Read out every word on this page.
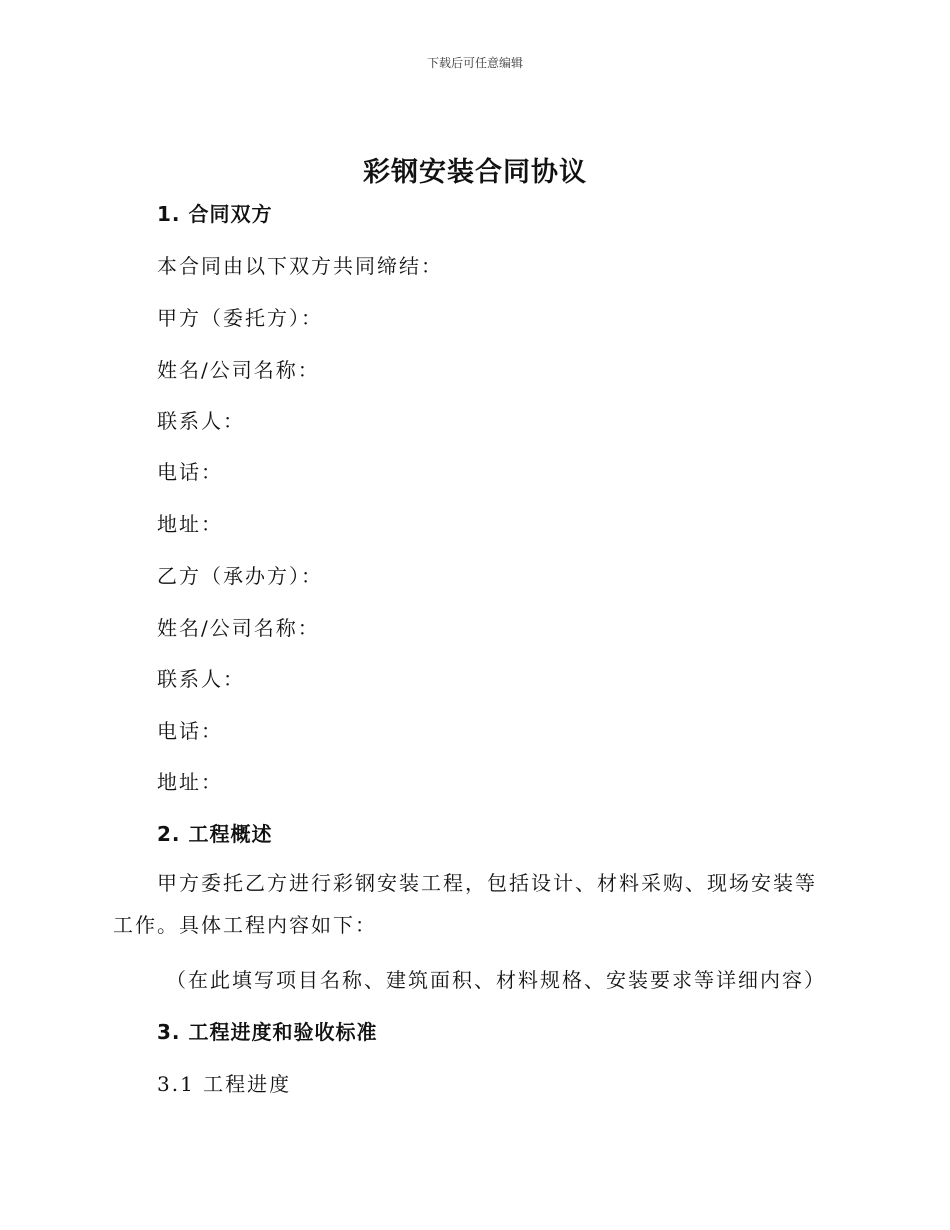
下载后可任意编辑
彩钢安装合同协议
1. 合同双方
本合同由以下双方共同缔结：
甲方（委托方）：
姓名/公司名称：
联系人：
电话：
地址：
乙方（承办方）：
姓名/公司名称：
联系人：
电话：
地址：
2. 工程概述
甲方委托乙方进行彩钢安装工程，包括设计、材料采购、现场安装等工作。具体工程内容如下：
（在此填写项目名称、建筑面积、材料规格、安装要求等详细内容）
3. 工程进度和验收标准
3.1 工程进度
